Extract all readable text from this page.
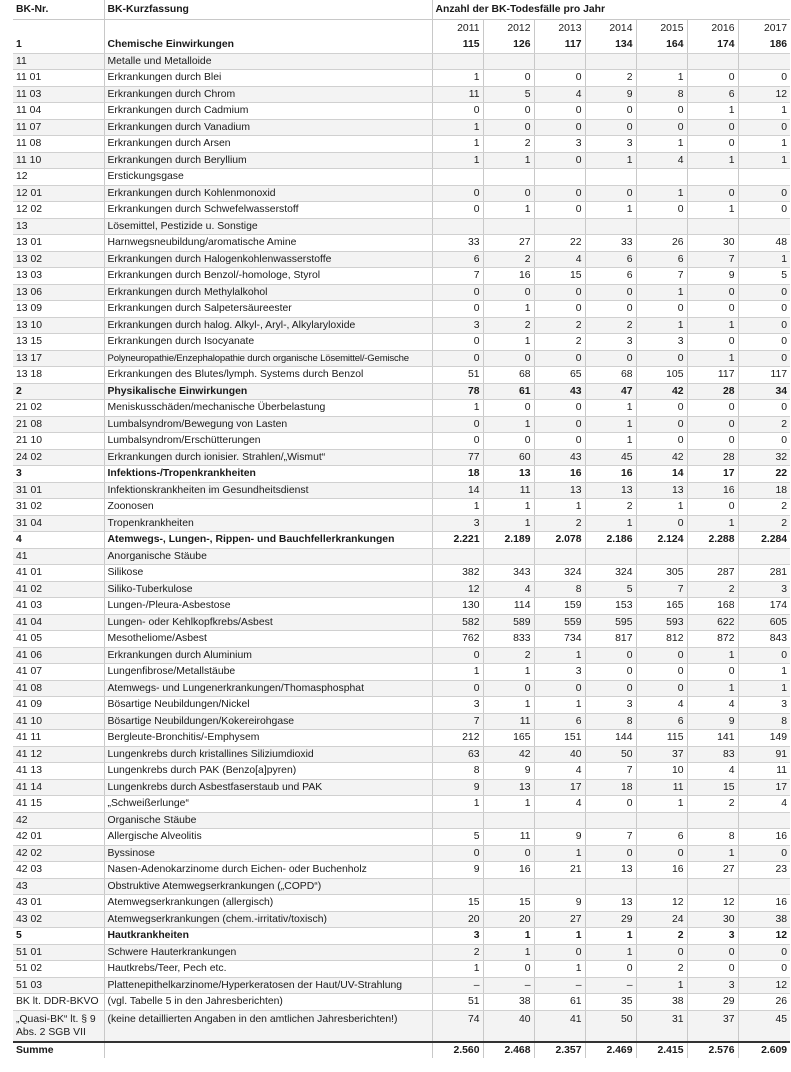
BK-Nr.	BK-Kurzfassung	Anzahl der BK-Todesfälle pro Jahr						
		2011	2012	2013	2014	2015	2016	2017
1	Chemische Einwirkungen	115	126	117	134	164	174	186
11	Metalle und Metalloide							
11 01	Erkrankungen durch Blei	1	0	0	2	1	0	0
11 03	Erkrankungen durch Chrom	11	5	4	9	8	6	12
11 04	Erkrankungen durch Cadmium	0	0	0	0	0	1	1
11 07	Erkrankungen durch Vanadium	1	0	0	0	0	0	0
11 08	Erkrankungen durch Arsen	1	2	3	3	1	0	1
11 10	Erkrankungen durch Beryllium	1	1	0	1	4	1	1
12	Erstickungsgase							
12 01	Erkrankungen durch Kohlenmonoxid	0	0	0	0	1	0	0
12 02	Erkrankungen durch Schwefelwasserstoff	0	1	0	1	0	1	0
13	Lösemittel, Pestizide u. Sonstige							
13 01	Harnwegsneubildung/aromatische Amine	33	27	22	33	26	30	48
13 02	Erkrankungen durch Halogenkohlenwasserstoffe	6	2	4	6	6	7	1
13 03	Erkrankungen durch Benzol/-homologe, Styrol	7	16	15	6	7	9	5
13 06	Erkrankungen durch Methylalkohol	0	0	0	0	1	0	0
13 09	Erkrankungen durch Salpetersäureester	0	1	0	0	0	0	0
13 10	Erkrankungen durch halog. Alkyl-, Aryl-, Alkylaryloxide	3	2	2	2	1	1	0
13 15	Erkrankungen durch Isocyanate	0	1	2	3	3	0	0
13 17	Polyneuropathie/Enzephalopathie durch organische Lösemittel/-Gemische	0	0	0	0	0	1	0
13 18	Erkrankungen des Blutes/lymph. Systems durch Benzol	51	68	65	68	105	117	117
2	Physikalische Einwirkungen	78	61	43	47	42	28	34
21 02	Meniskusschäden/mechanische Überbelastung	1	0	0	1	0	0	0
21 08	Lumbalsyndrom/Bewegung von Lasten	0	1	0	1	0	0	2
21 10	Lumbalsyndrom/Erschütterungen	0	0	0	1	0	0	0
24 02	Erkrankungen durch ionisier. Strahlen/„Wismut“	77	60	43	45	42	28	32
3	Infektions-/Tropenkrankheiten	18	13	16	16	14	17	22
31 01	Infektionskrankheiten im Gesundheitsdienst	14	11	13	13	13	16	18
31 02	Zoonosen	1	1	1	2	1	0	2
31 04	Tropenkrankheiten	3	1	2	1	0	1	2
4	Atemwegs-, Lungen-, Rippen- und Bauchfellerkrankungen	2.221	2.189	2.078	2.186	2.124	2.288	2.284
41	Anorganische Stäube							
41 01	Silikose	382	343	324	324	305	287	281
41 02	Siliko-Tuberkulose	12	4	8	5	7	2	3
41 03	Lungen-/Pleura-Asbestose	130	114	159	153	165	168	174
41 04	Lungen- oder Kehlkopfkrebs/Asbest	582	589	559	595	593	622	605
41 05	Mesotheliome/Asbest	762	833	734	817	812	872	843
41 06	Erkrankungen durch Aluminium	0	2	1	0	0	1	0
41 07	Lungenfibrose/Metallstäube	1	1	3	0	0	0	1
41 08	Atemwegs- und Lungenerkrankungen/Thomasphosphat	0	0	0	0	0	1	1
41 09	Bösartige Neubildungen/Nickel	3	1	1	3	4	4	3
41 10	Bösartige Neubildungen/Kokereirohgase	7	11	6	8	6	9	8
41 11	Bergleute-Bronchitis/-Emphysem	212	165	151	144	115	141	149
41 12	Lungenkrebs durch kristallines Siliziumdioxid	63	42	40	50	37	83	91
41 13	Lungenkrebs durch PAK (Benzo[a]pyren)	8	9	4	7	10	4	11
41 14	Lungenkrebs durch Asbestfaserstaub und PAK	9	13	17	18	11	15	17
41 15	„Schweißerlunge“	1	1	4	0	1	2	4
42	Organische Stäube							
42 01	Allergische Alveolitis	5	11	9	7	6	8	16
42 02	Byssinose	0	0	1	0	0	1	0
42 03	Nasen-Adenokarzinome durch Eichen- oder Buchenholz	9	16	21	13	16	27	23
43	Obstruktive Atemwegserkrankungen („COPD“)							
43 01	Atemwegserkrankungen (allergisch)	15	15	9	13	12	12	16
43 02	Atemwegserkrankungen (chem.-irritativ/toxisch)	20	20	27	29	24	30	38
5	Hautkrankheiten	3	1	1	1	2	3	12
51 01	Schwere Hauterkrankungen	2	1	0	1	0	0	0
51 02	Hautkrebs/Teer, Pech etc.	1	0	1	0	2	0	0
51 03	Plattenepithelkarzinome/Hyperkeratosen der Haut/UV-Strahlung	–	–	–	–	1	3	12
BK lt. DDR-BKVO	(vgl. Tabelle 5 in den Jahresberichten)	51	38	61	35	38	29	26
„Quasi-BK“ lt. § 9 Abs. 2 SGB VII	(keine detaillierten Angaben in den amtlichen Jahresberichten!)	74	40	41	50	31	37	45
Summe		2.560	2.468	2.357	2.469	2.415	2.576	2.609
